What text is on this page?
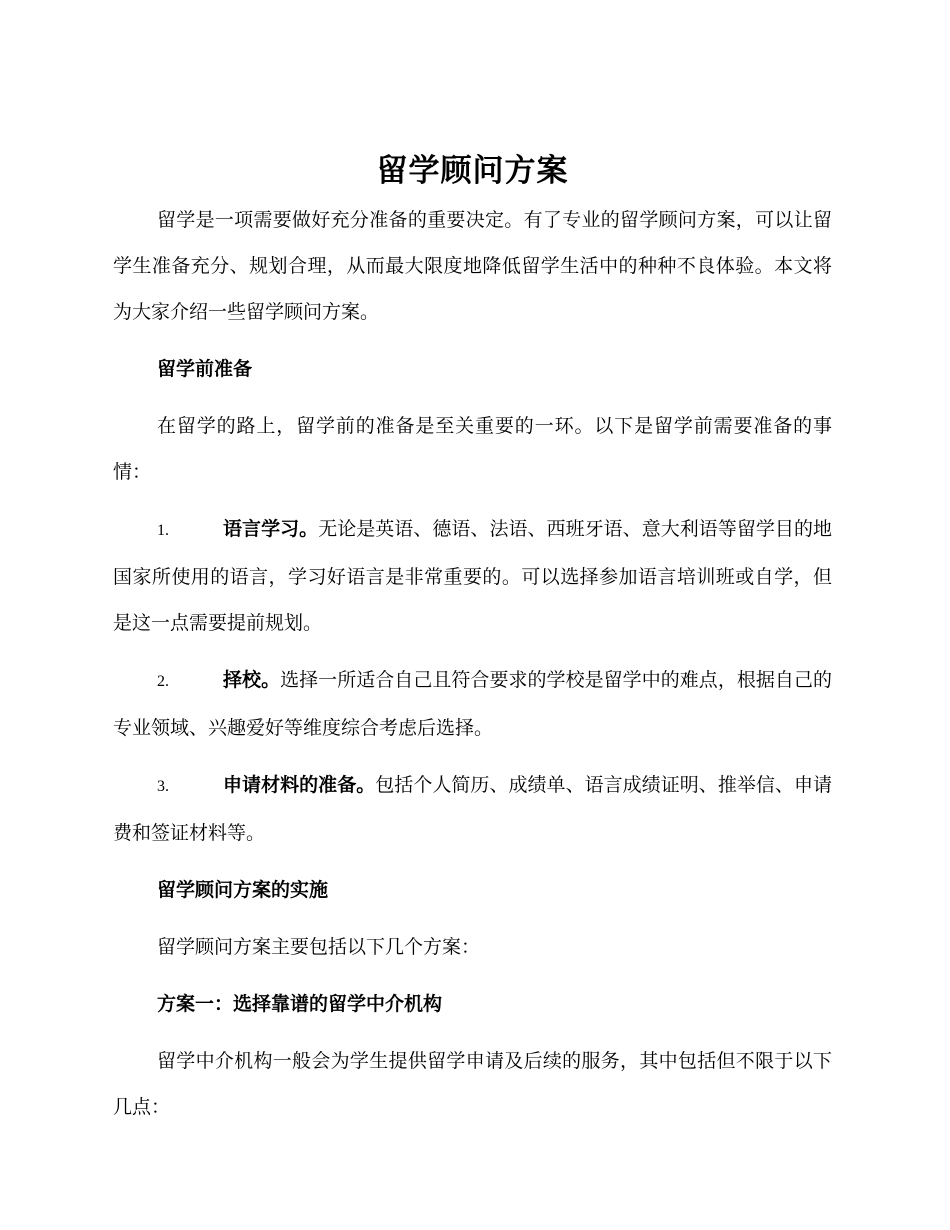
留学顾问方案

留学是一项需要做好充分准备的重要决定。有了专业的留学顾问方案，可以让留学生准备充分、规划合理，从而最大限度地降低留学生活中的种种不良体验。本文将为大家介绍一些留学顾问方案。

留学前准备

在留学的路上，留学前的准备是至关重要的一环。以下是留学前需要准备的事情：

1.	语言学习。无论是英语、德语、法语、西班牙语、意大利语等留学目的地国家所使用的语言，学习好语言是非常重要的。可以选择参加语言培训班或自学，但是这一点需要提前规划。

2.	择校。选择一所适合自己且符合要求的学校是留学中的难点，根据自己的专业领域、兴趣爱好等维度综合考虑后选择。

3.	申请材料的准备。包括个人简历、成绩单、语言成绩证明、推举信、申请费和签证材料等。

留学顾问方案的实施

留学顾问方案主要包括以下几个方案：

方案一：选择靠谱的留学中介机构

留学中介机构一般会为学生提供留学申请及后续的服务，其中包括但不限于以下几点：
